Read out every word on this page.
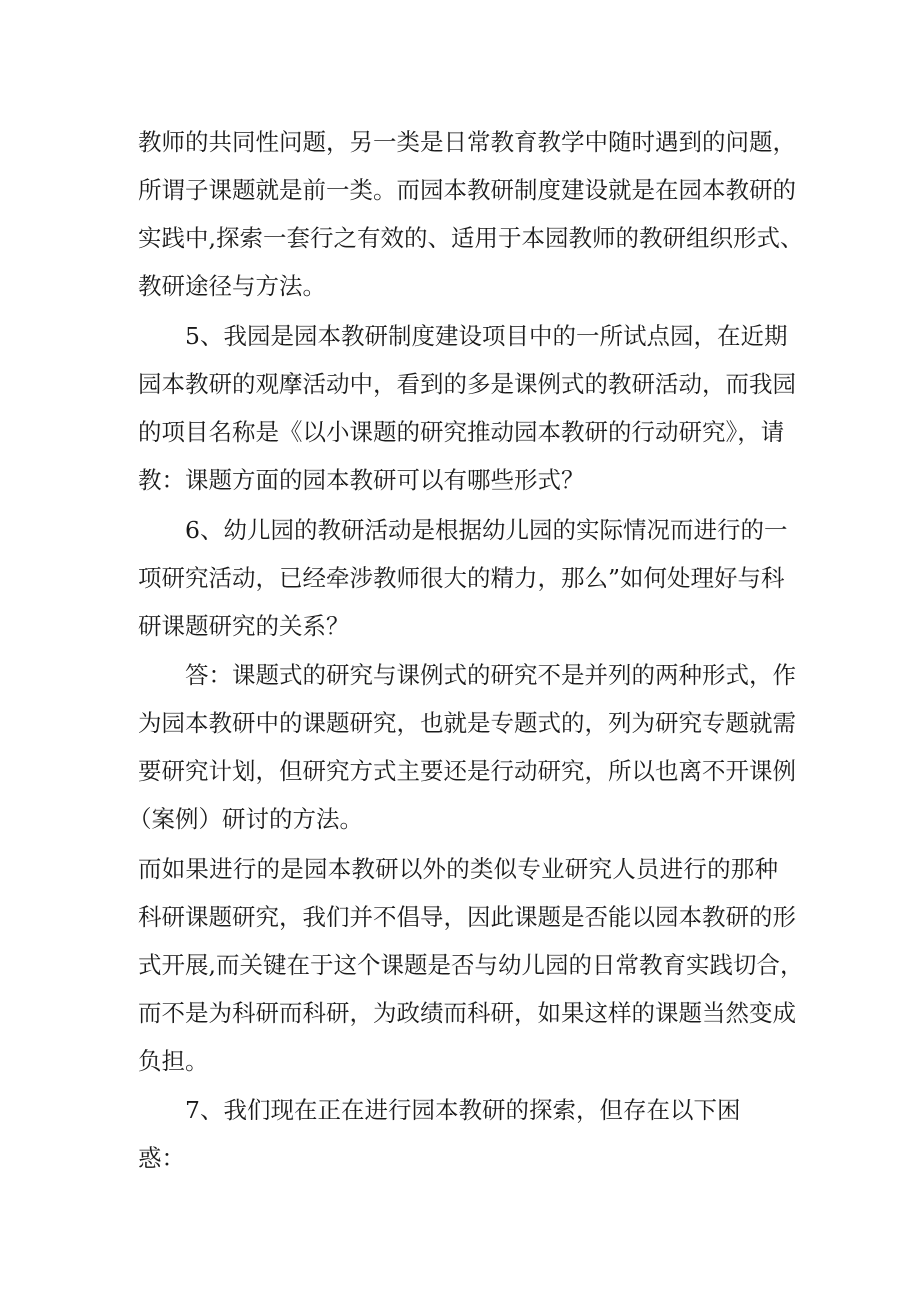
教师的共同性问题，另一类是日常教育教学中随时遇到的问题，
所谓子课题就是前一类。而园本教研制度建设就是在园本教研的
实践中,探索一套行之有效的、适用于本园教师的教研组织形式、
教研途径与方法。
5、我园是园本教研制度建设项目中的一所试点园，在近期
园本教研的观摩活动中，看到的多是课例式的教研活动，而我园
的项目名称是《以小课题的研究推动园本教研的行动研究》，请
教：课题方面的园本教研可以有哪些形式？
6、幼儿园的教研活动是根据幼儿园的实际情况而进行的一
项研究活动，已经牵涉教师很大的精力，那么”如何处理好与科
研课题研究的关系？
答：课题式的研究与课例式的研究不是并列的两种形式，作
为园本教研中的课题研究，也就是专题式的，列为研究专题就需
要研究计划，但研究方式主要还是行动研究，所以也离不开课例
（案例）研讨的方法。
而如果进行的是园本教研以外的类似专业研究人员进行的那种
科研课题研究，我们并不倡导，因此课题是否能以园本教研的形
式开展,而关键在于这个课题是否与幼儿园的日常教育实践切合，
而不是为科研而科研，为政绩而科研，如果这样的课题当然变成
负担。
7、我们现在正在进行园本教研的探索，但存在以下困
惑：
